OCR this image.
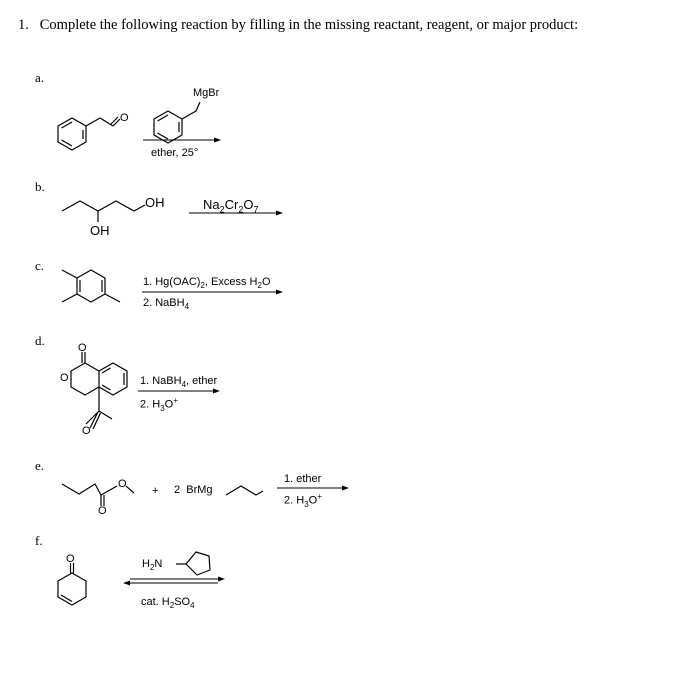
1. Complete the following reaction by filling in the missing reactant, reagent, or major product:
a.
b.
c.
d.
e.
f.
O
O
O
O
O
O
O
MgBr
ether, 25°
OH
OH
$Na_2Cr_2O_7$
1. $Hg(OAC)_2$, Excess $H_2O$
2. NaBH$_4$
1. NaBH$_4$, ether
2. $H_3O^+$
+ 2  BrMg
1. ether
2. $H_3O^+$
$H_2N$
cat. $H_2SO_4$
